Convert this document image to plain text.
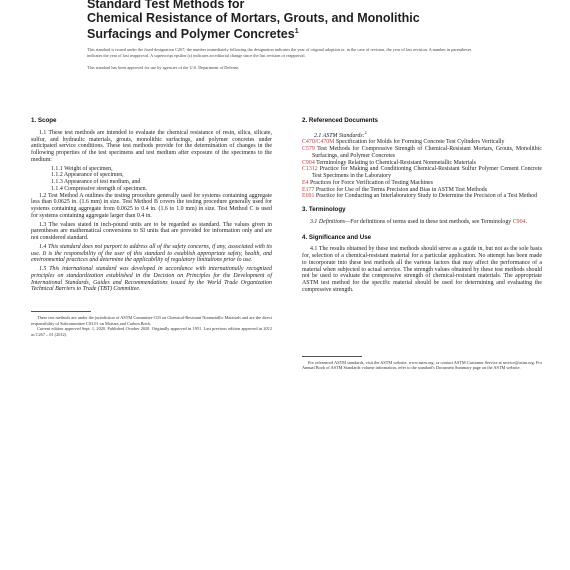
Standard Test Methods for
Chemical Resistance of Mortars, Grouts, and Monolithic
Surfacings and Polymer Concretes$^1$
This standard is issued under the fixed designation C267; the number immediately following the designation indicates the year of original adoption or, in the case of revision, the year of last revision. A number in parentheses indicates the year of last reapproval. A superscript epsilon (ε) indicates an editorial change since the last revision or reapproval.
This standard has been approved for use by agencies of the U.S. Department of Defense.
1. Scope

1.1 These test methods are intended to evaluate the chemical resistance of resin, silica, silicate, sulfur, and hydraulic materials, grouts, monolithic surfacings, and polymer concretes under anticipated service conditions. These test methods provide for the determination of changes in the following properties of the test specimens and test medium after exposure of the specimens to the medium:

1.1.1 Weight of specimen,

1.1.2 Appearance of specimen,

1.1.3 Appearance of test medium, and

1.1.4 Compressive strength of specimen.

1.2 Test Method A outlines the testing procedure generally used for systems containing aggregate less than 0.0625 in. (1.6 mm) in size. Test Method B covers the testing procedure generally used for systems containing aggregate from 0.0625 to 0.4 in. (1.6 to 1.0 mm) in size. Test Method C is used for systems containing aggregate larger than 0.4 in.

1.3 The values stated in inch-pound units are to be regarded as standard. The values given in parentheses are mathematical conversions to SI units that are provided for information only and are not considered standard.

1.4 This standard does not purport to address all of the safety concerns, if any, associated with its use. It is the responsibility of the user of this standard to establish appropriate safety, health, and environmental practices and determine the applicability of regulatory limitations prior to use.

1.5 This international standard was developed in accordance with internationally recognized principles on standardization established in the Decision on Principles for the Development of International Standards, Guides and Recommendations issued by the World Trade Organization Technical Barriers to Trade (TBT) Committee.

These test methods are under the jurisdiction of ASTM Committee C03 on Chemical-Resistant Nonmetallic Materials and are the direct responsibility of Subcommittee C03.01 on Mortars and Carbon Brick.

Current edition approved Sept. 1, 2020. Published October 2020. Originally approved in 1951. Last previous edition approved in 2012 as C267 – 01 (2012).

2. Referenced Documents

2.1 ASTM Standards:$^2$

C470/C470M Specification for Molds for Forming Concrete Test Cylinders Vertically

C579 Test Methods for Compressive Strength of Chemical-Resistant Mortars, Grouts, Monolithic Surfacings, and Polymer Concretes

C904 Terminology Relating to Chemical-Resistant Nonmetallic Materials

C1312 Practice for Making and Conditioning Chemical-Resistant Sulfur Polymer Cement Concrete Test Specimens in the Laboratory

E4 Practices for Force Verification of Testing Machines

E177 Practice for Use of the Terms Precision and Bias in ASTM Test Methods

E691 Practice for Conducting an Interlaboratory Study to Determine the Precision of a Test Method

3. Terminology

3.1 Definitions—For definitions of terms used in these test methods, see Terminology C904.

4. Significance and Use

4.1 The results obtained by these test methods should serve as a guide in, but not as the sole basis for, selection of a chemical-resistant material for a particular application. No attempt has been made to incorporate into these test methods all the various factors that may affect the performance of a material when subjected to actual service. The strength values obtained by these test methods should not be used to evaluate the compressive strength of chemical-resistant materials. The appropriate ASTM test method for the specific material should be used for determining and evaluating the compressive strength.

For referenced ASTM standards, visit the ASTM website, www.astm.org, or contact ASTM Customer Service at service@astm.org. For Annual Book of ASTM Standards volume information, refer to the standard's Document Summary page on the ASTM website.
